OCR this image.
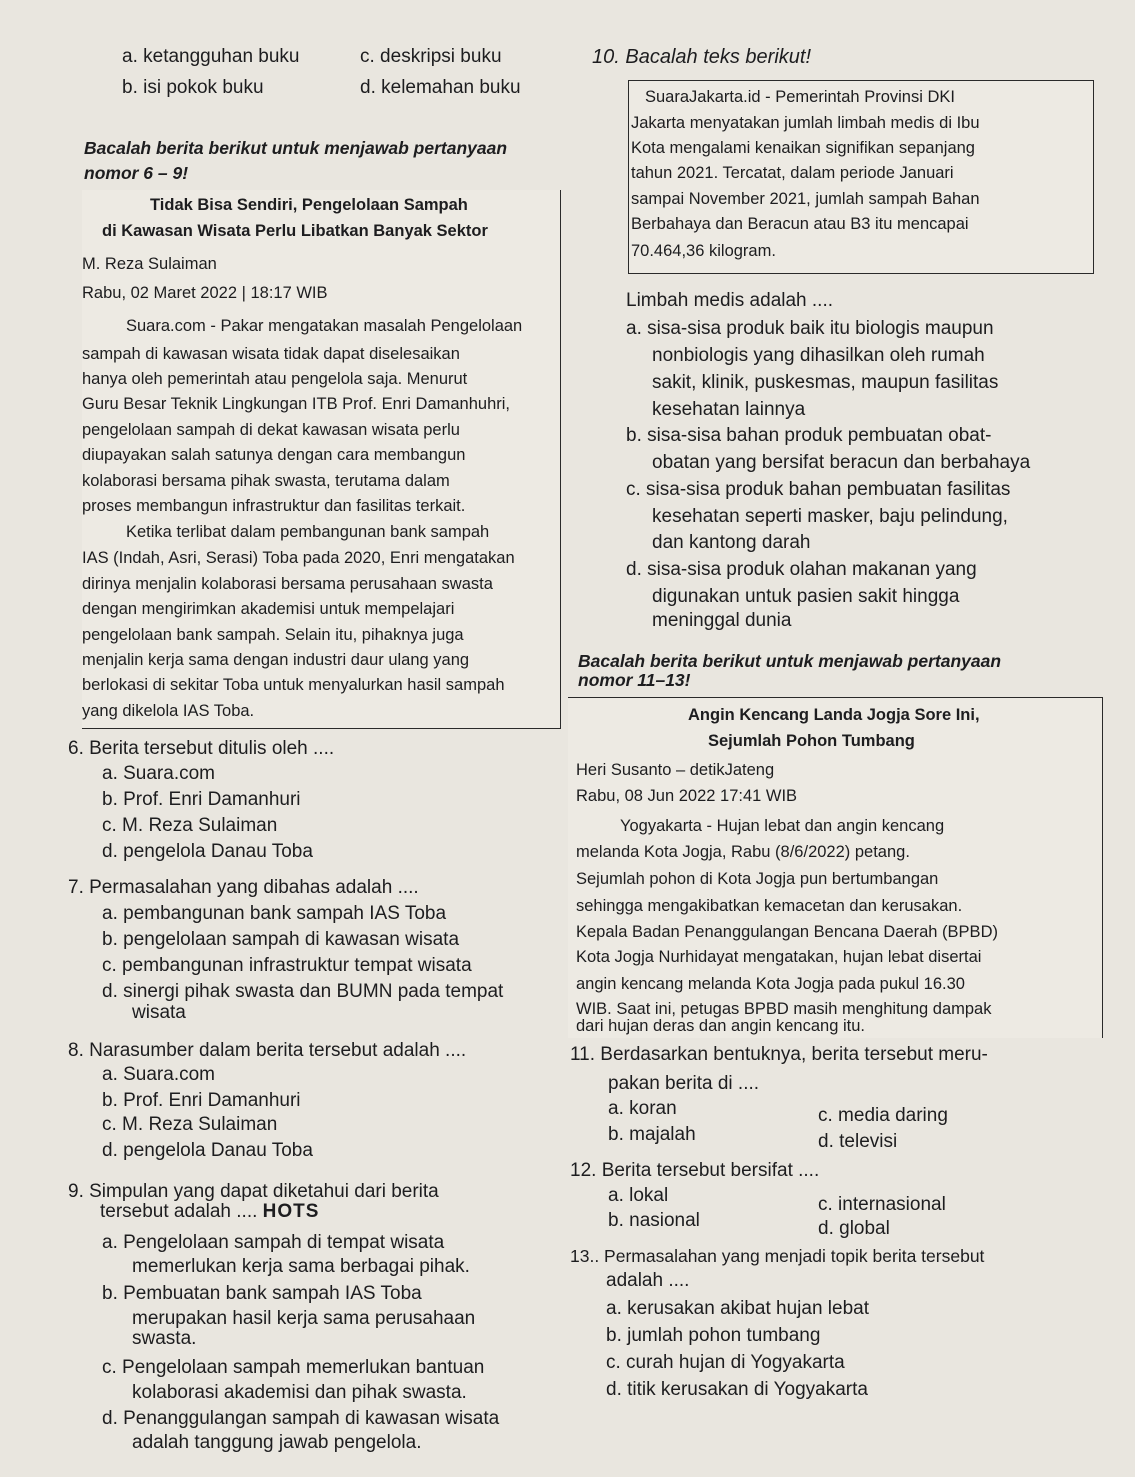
a. ketangguhan buku	c. deskripsi buku
b. isi pokok buku	d. kelemahan buku
Bacalah berita berikut untuk menjawab pertanyaan
nomor 6 – 9!
Tidak Bisa Sendiri, Pengelolaan Sampah
di Kawasan Wisata Perlu Libatkan Banyak Sektor
M. Reza Sulaiman
Rabu, 02 Maret 2022 | 18:17 WIB
Suara.com - Pakar mengatakan masalah Pengelolaan
sampah di kawasan wisata tidak dapat diselesaikan
hanya oleh pemerintah atau pengelola saja. Menurut
Guru Besar Teknik Lingkungan ITB Prof. Enri Damanhuhri,
pengelolaan sampah di dekat kawasan wisata perlu
diupayakan salah satunya dengan cara membangun
kolaborasi bersama pihak swasta, terutama dalam
proses membangun infrastruktur dan fasilitas terkait.
Ketika terlibat dalam pembangunan bank sampah
IAS (Indah, Asri, Serasi) Toba pada 2020, Enri mengatakan
dirinya menjalin kolaborasi bersama perusahaan swasta
dengan mengirimkan akademisi untuk mempelajari
pengelolaan bank sampah. Selain itu, pihaknya juga
menjalin kerja sama dengan industri daur ulang yang
berlokasi di sekitar Toba untuk menyalurkan hasil sampah
yang dikelola IAS Toba.
6. Berita tersebut ditulis oleh ....
a. Suara.com
b. Prof. Enri Damanhuri
c. M. Reza Sulaiman
d. pengelola Danau Toba
7. Permasalahan yang dibahas adalah ....
a. pembangunan bank sampah IAS Toba
b. pengelolaan sampah di kawasan wisata
c. pembangunan infrastruktur tempat wisata
d. sinergi pihak swasta dan BUMN pada tempat
wisata
8. Narasumber dalam berita tersebut adalah ....
a. Suara.com
b. Prof. Enri Damanhuri
c. M. Reza Sulaiman
d. pengelola Danau Toba
9. Simpulan yang dapat diketahui dari berita
tersebut adalah .... HOTS
a. Pengelolaan sampah di tempat wisata
memerlukan kerja sama berbagai pihak.
b. Pembuatan bank sampah IAS Toba
merupakan hasil kerja sama perusahaan
swasta.
c. Pengelolaan sampah memerlukan bantuan
kolaborasi akademisi dan pihak swasta.
d. Penanggulangan sampah di kawasan wisata
adalah tanggung jawab pengelola.
10. Bacalah teks berikut!
SuaraJakarta.id - Pemerintah Provinsi DKI
Jakarta menyatakan jumlah limbah medis di Ibu
Kota mengalami kenaikan signifikan sepanjang
tahun 2021. Tercatat, dalam periode Januari
sampai November 2021, jumlah sampah Bahan
Berbahaya dan Beracun atau B3 itu mencapai
70.464,36 kilogram.
Limbah medis adalah ....
a. sisa-sisa produk baik itu biologis maupun
nonbiologis yang dihasilkan oleh rumah
sakit, klinik, puskesmas, maupun fasilitas
kesehatan lainnya
b. sisa-sisa bahan produk pembuatan obat-
obatan yang bersifat beracun dan berbahaya
c. sisa-sisa produk bahan pembuatan fasilitas
kesehatan seperti masker, baju pelindung,
dan kantong darah
d. sisa-sisa produk olahan makanan yang
digunakan untuk pasien sakit hingga
meninggal dunia
Bacalah berita berikut untuk menjawab pertanyaan
nomor 11–13!
Angin Kencang Landa Jogja Sore Ini,
Sejumlah Pohon Tumbang
Heri Susanto – detikJateng
Rabu, 08 Jun 2022 17:41 WIB
Yogyakarta - Hujan lebat dan angin kencang
melanda Kota Jogja, Rabu (8/6/2022) petang.
Sejumlah pohon di Kota Jogja pun bertumbangan
sehingga mengakibatkan kemacetan dan kerusakan.
Kepala Badan Penanggulangan Bencana Daerah (BPBD)
Kota Jogja Nurhidayat mengatakan, hujan lebat disertai
angin kencang melanda Kota Jogja pada pukul 16.30
WIB. Saat ini, petugas BPBD masih menghitung dampak
dari hujan deras dan angin kencang itu.
11. Berdasarkan bentuknya, berita tersebut meru-
pakan berita di ....
a. koran	c. media daring
b. majalah	d. televisi
12. Berita tersebut bersifat ....
a. lokal	c. internasional
b. nasional	d. global
13.. Permasalahan yang menjadi topik berita tersebut
adalah ....
a. kerusakan akibat hujan lebat
b. jumlah pohon tumbang
c. curah hujan di Yogyakarta
d. titik kerusakan di Yogyakarta
